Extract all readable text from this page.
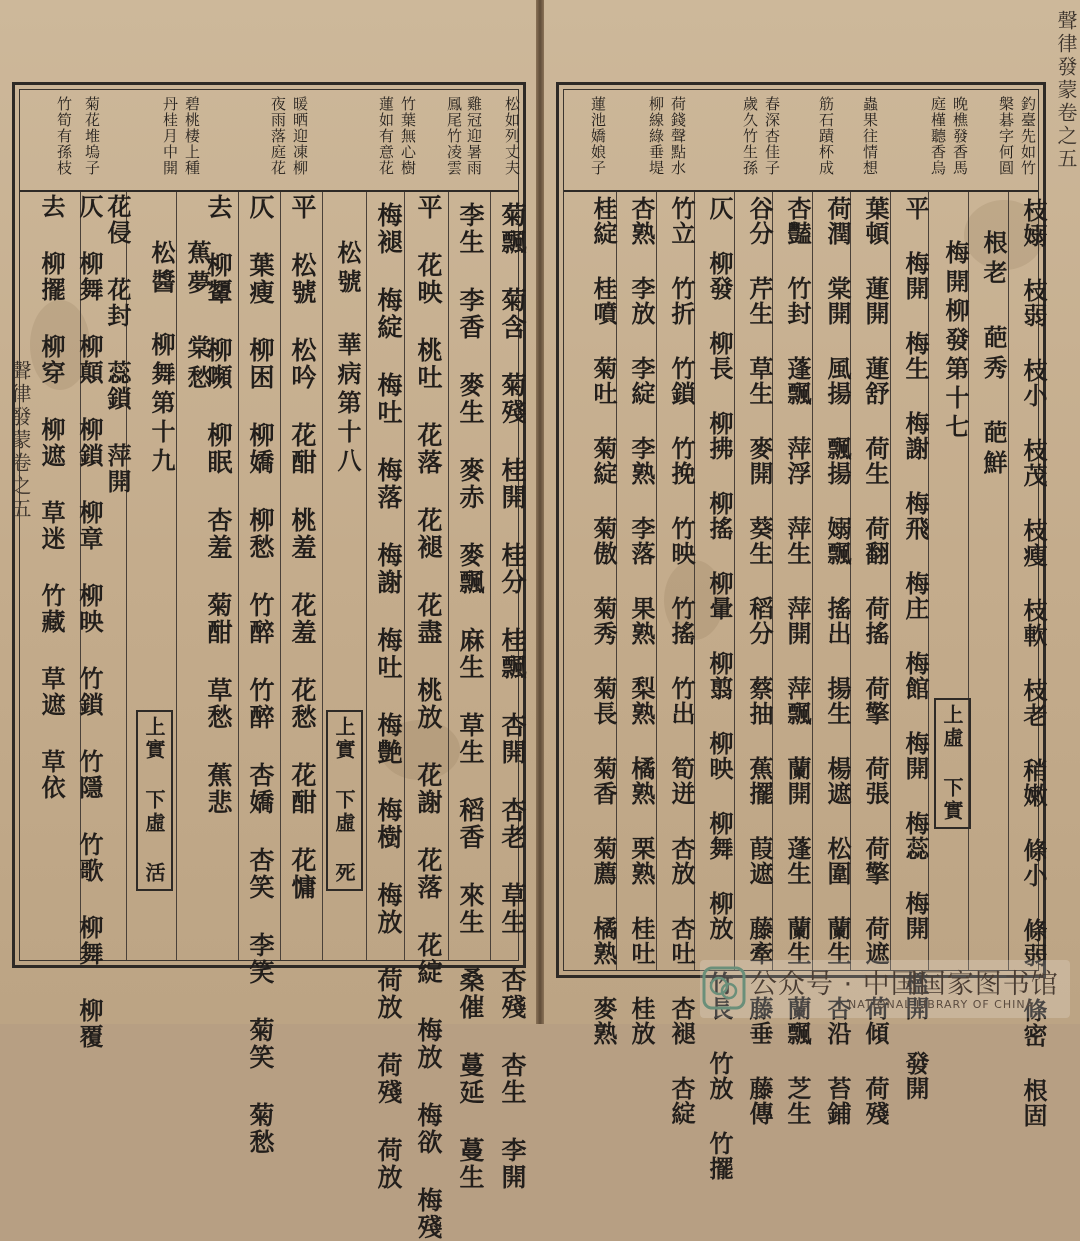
聲律發蒙卷之五
松如列丈夫
雞冠迎暑雨
鳳尾竹凌雲
竹葉無心樹
蓮如有意花
暖晒迎凍柳
夜雨落庭花
碧桃棲上種
丹桂月中開
菊花堆塢子
竹筍有孫枝
菊飄 菊含 菊殘 桂開 桂分 桂飄 杏開 杏老 草生 杏殘 杏生 李開
李生 李香 麥生 麥赤 麥飄 麻生 草生 稻香 來生 桑催 蔓延 蔓生
平 花映 桃吐 花落 花褪 花盡 桃放 花謝 花落 花綻 梅放 梅欲 梅殘
梅褪 梅綻 梅吐 梅落 梅謝 梅吐 梅艶 梅樹 梅放 荷放 荷殘 荷放
松號 華病第十八
上實 下虛 死
平 松號 松吟 花酣 桃羞 花羞 花愁 花酣 花慵
仄 葉瘦 柳困 柳嬌 柳愁 竹醉 竹醉 杏嬌 杏笑 李笑 菊笑 菊愁
去 柳顰 柳嚬 柳眠 杏羞 菊酣 草愁 蕉悲
蕉夢 棠愁
松醬 柳舞第十九
上實 下虛 活
花侵 花封 蕊鎖 萍開
仄 柳舞 柳顛 柳鎖 柳章 柳映 竹鎖 竹隱 竹歌 柳舞 柳覆
去 柳擺 柳穿 柳遮 草迷 竹藏 草遮 草依
聲律發蒙卷之五
釣臺先如竹
槃碁字何圓
晚樵發香馬
庭槿聽香烏
蟲果往情想
筋石蹟杯成
春深杏佳子
歲久竹生孫
荷錢聲點水
柳線綠垂堤
蓮池嬌娘子
枝嫋 枝弱 枝小 枝茂 枝瘦 枝軟 枝老 稍嫩 條小 條弱 條密 根固
根老 葩秀 葩鮮
梅開柳發第十七
上虛 下實
平 梅開 梅生 梅謝 梅飛 梅庄 梅館 梅開 梅蕊 梅開 檻開 發開
葉頓 蓮開 蓮舒 荷生 荷翻 荷搖 荷擎 荷張 荷擎 荷遮 荷傾 荷殘
荷潤 棠開 風揚 飄揚 嫋飄 搖出 揚生 楊遮 松圍 蘭生 杏沿 苔鋪
杏豔 竹封 蓬飄 萍浮 萍生 萍開 萍飄 蘭開 蓬生 蘭生 蘭飄 芝生
谷分 芹生 草生 麥開 葵生 稻分 蔡抽 蕉擺 葭遮 藤牽 藤垂 藤傳
仄 柳發 柳長 柳拂 柳搖 柳暈 柳翦 柳映 柳舞 柳放 竹長 竹放 竹擺
竹立 竹折 竹鎖 竹挽 竹映 竹搖 竹出 筍迸 杏放 杏吐 杏褪 杏綻
杏熟 李放 李綻 李熟 李落 果熟 梨熟 橘熟 栗熟 桂吐 桂放
桂綻 桂噴 菊吐 菊綻 菊傲 菊秀 菊長 菊香 菊薦 橘熟 麥熟	公众号 · 中国国家图书馆
NATIONAL LIBRARY OF CHINA
